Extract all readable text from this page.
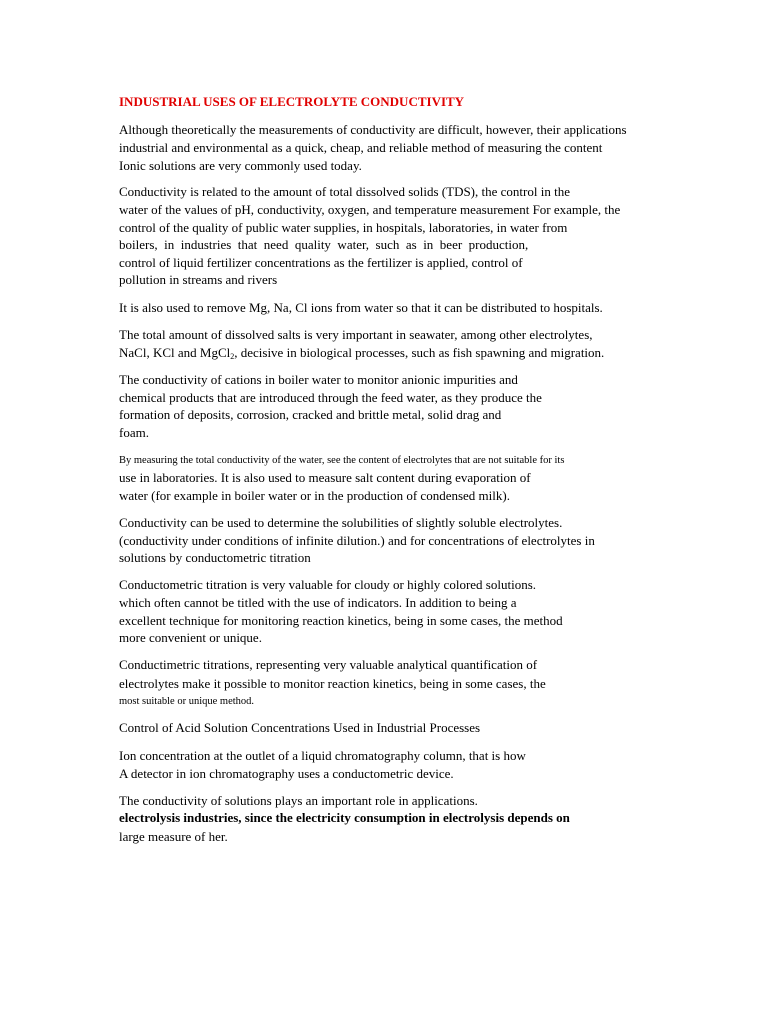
INDUSTRIAL USES OF ELECTROLYTE CONDUCTIVITY
Although theoretically the measurements of conductivity are difficult, however, their applications
industrial and environmental as a quick, cheap, and reliable method of measuring the content
Ionic solutions are very commonly used today.
Conductivity is related to the amount of total dissolved solids (TDS), the control in the
water of the values of pH, conductivity, oxygen, and temperature measurement For example, the
control of the quality of public water supplies, in hospitals, laboratories, in water from
boilers,  in  industries  that  need  quality  water,  such  as  in  beer  production,
control of liquid fertilizer concentrations as the fertilizer is applied, control of
pollution in streams and rivers
It is also used to remove Mg, Na, Cl ions from water so that it can be distributed to hospitals.
The total amount of dissolved salts is very important in seawater, among other electrolytes,
NaCl, KCl and MgCl$_2$, decisive in biological processes, such as fish spawning and migration.
The conductivity of cations in boiler water to monitor anionic impurities and
chemical products that are introduced through the feed water, as they produce the
formation of deposits, corrosion, cracked and brittle metal, solid drag and
foam.
By measuring the total conductivity of the water, see the content of electrolytes that are not suitable for its
use in laboratories. It is also used to measure salt content during evaporation of
water (for example in boiler water or in the production of condensed milk).
Conductivity can be used to determine the solubilities of slightly soluble electrolytes.
(conductivity under conditions of infinite dilution.) and for concentrations of electrolytes in
solutions by conductometric titration
Conductometric titration is very valuable for cloudy or highly colored solutions.
which often cannot be titled with the use of indicators. In addition to being a
excellent technique for monitoring reaction kinetics, being in some cases, the method
more convenient or unique.
Conductimetric titrations, representing very valuable analytical quantification of
electrolytes make it possible to monitor reaction kinetics, being in some cases, the
most suitable or unique method.
Control of Acid Solution Concentrations Used in Industrial Processes
Ion concentration at the outlet of a liquid chromatography column, that is how
A detector in ion chromatography uses a conductometric device.
The conductivity of solutions plays an important role in applications.
electrolysis industries, since the electricity consumption in electrolysis depends on
large measure of her.
